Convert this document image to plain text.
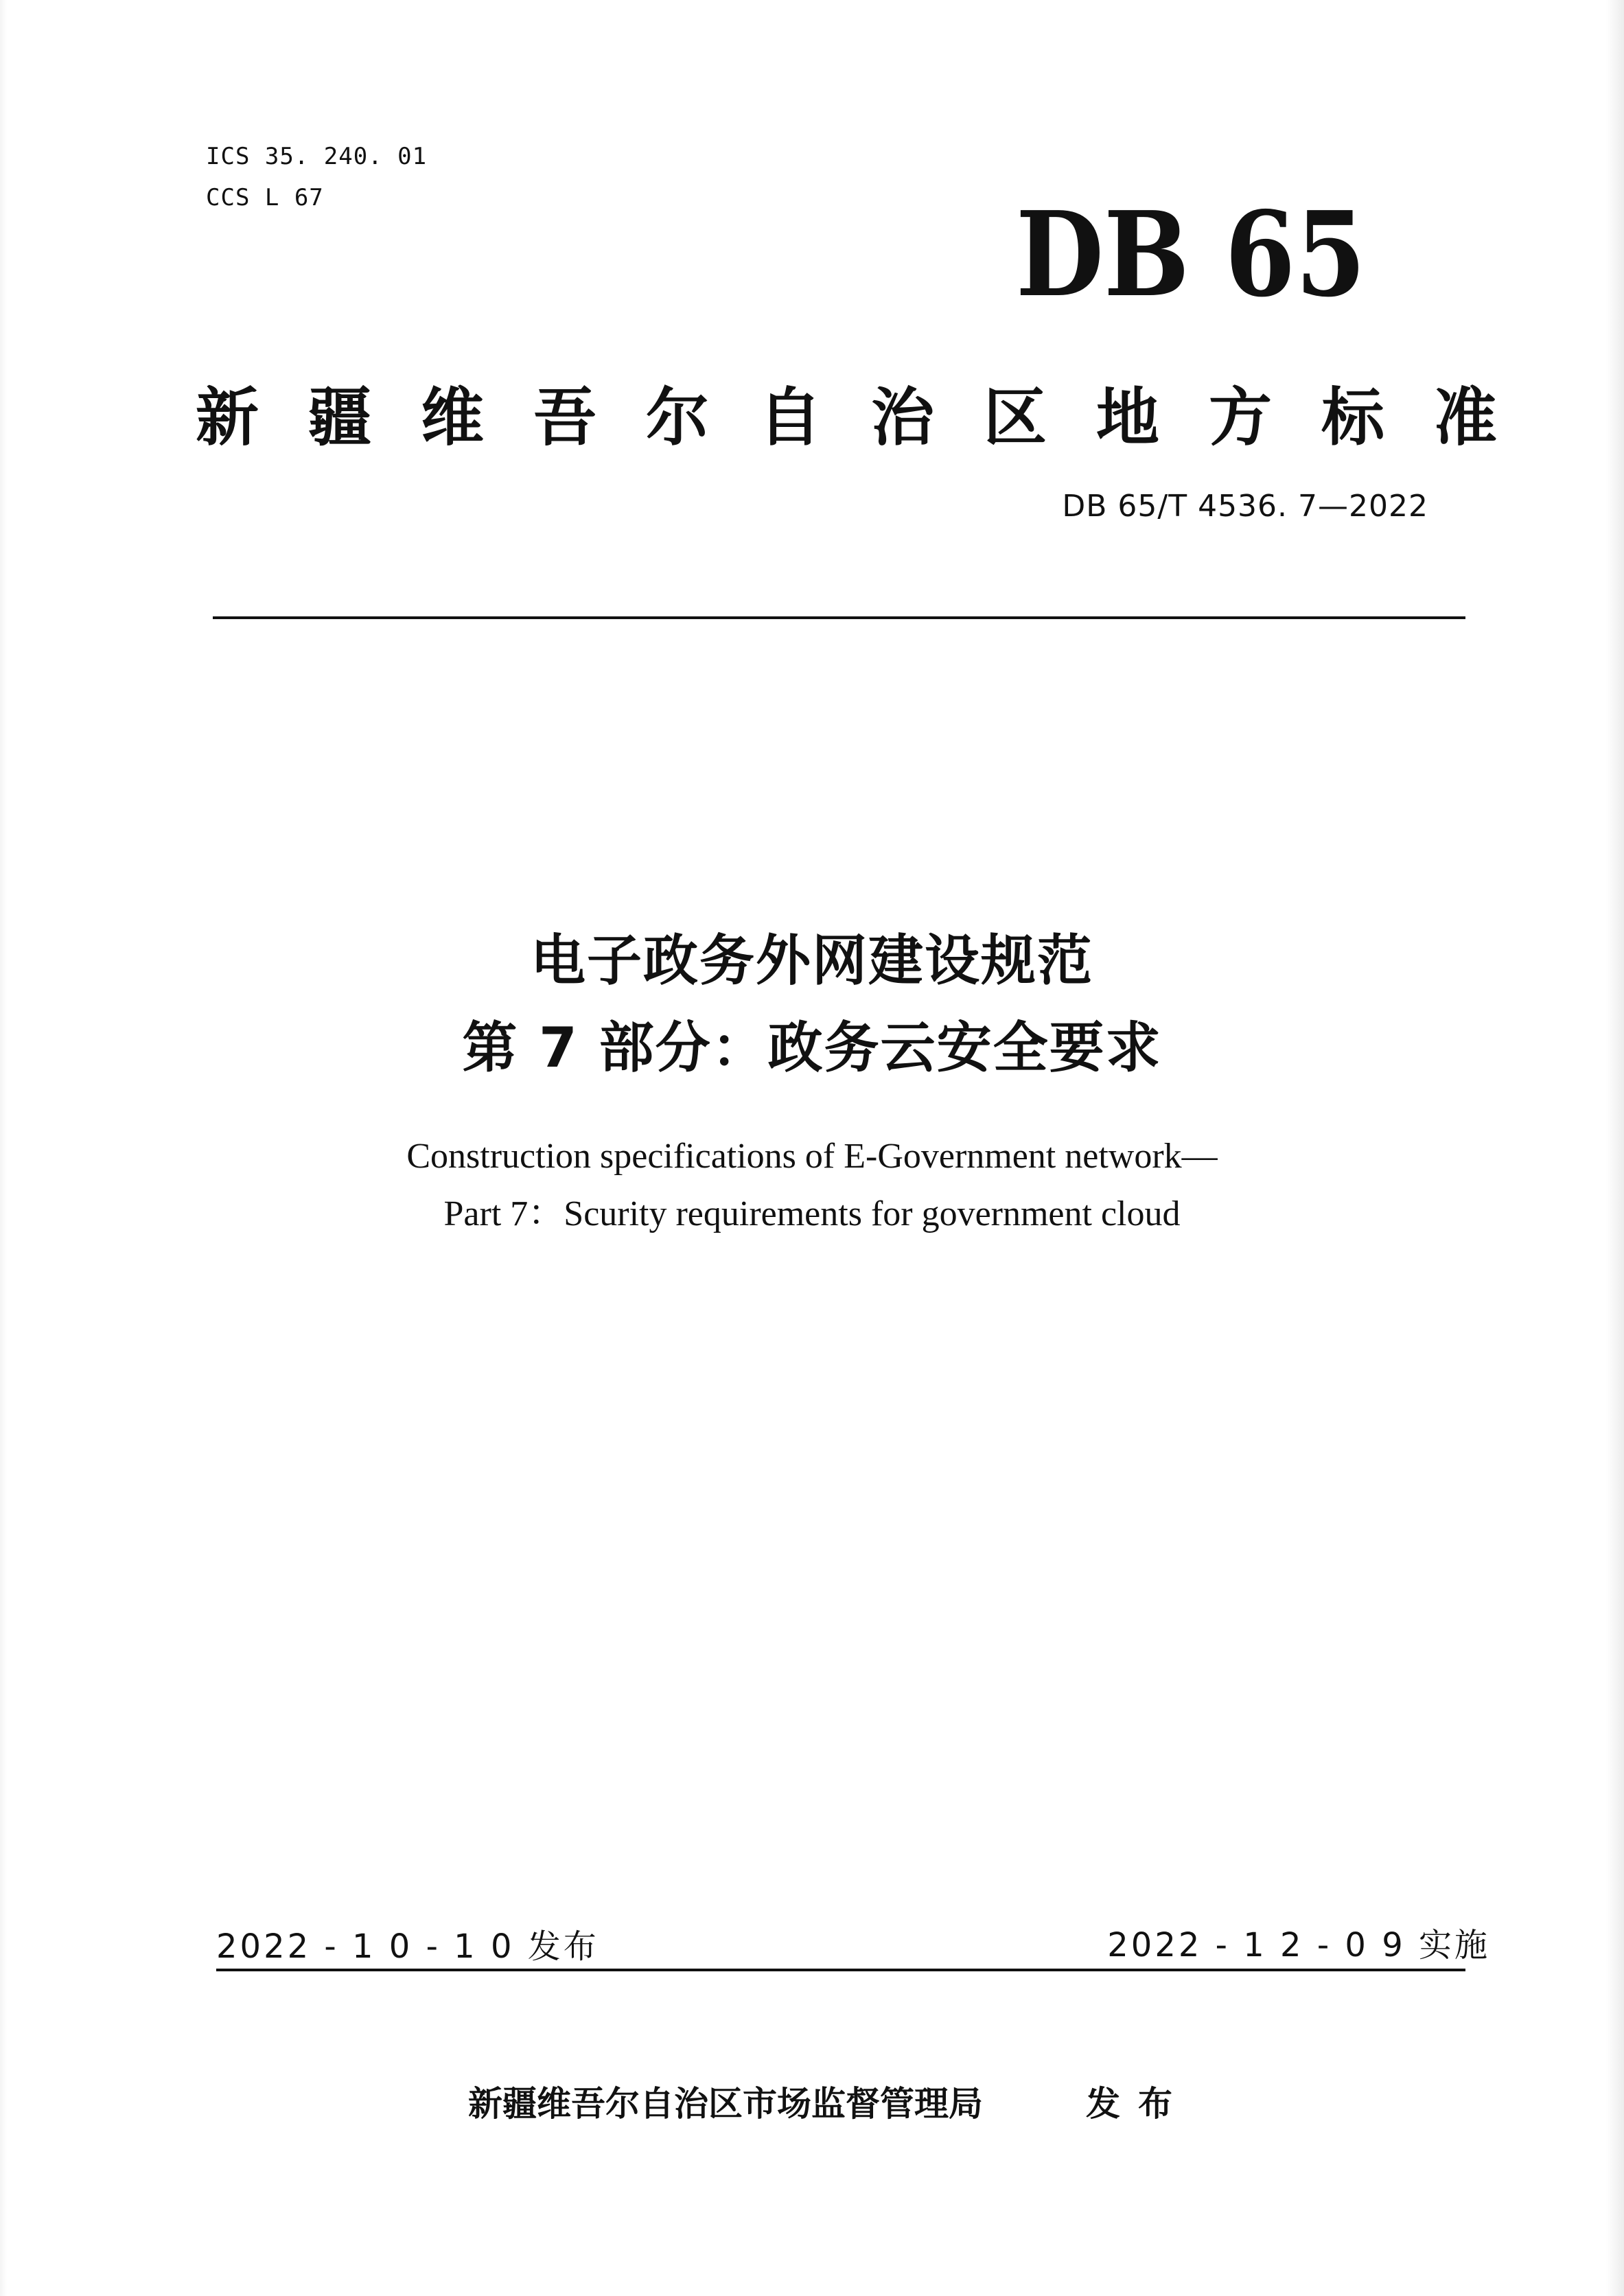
ICS 35. 240. 01
CCS L 67	DB 65
新疆维吾尔自治区地方标准
DB 65/T 4536. 7—2022
电子政务外网建设规范
第 7 部分：政务云安全要求
Construction specifications of E-Government network—
Part 7：Scurity requirements for government cloud
2022 - 1 0 - 1 0 发布	2022 - 1 2 - 0 9 实施
新疆维吾尔自治区市场监督管理局	发布
